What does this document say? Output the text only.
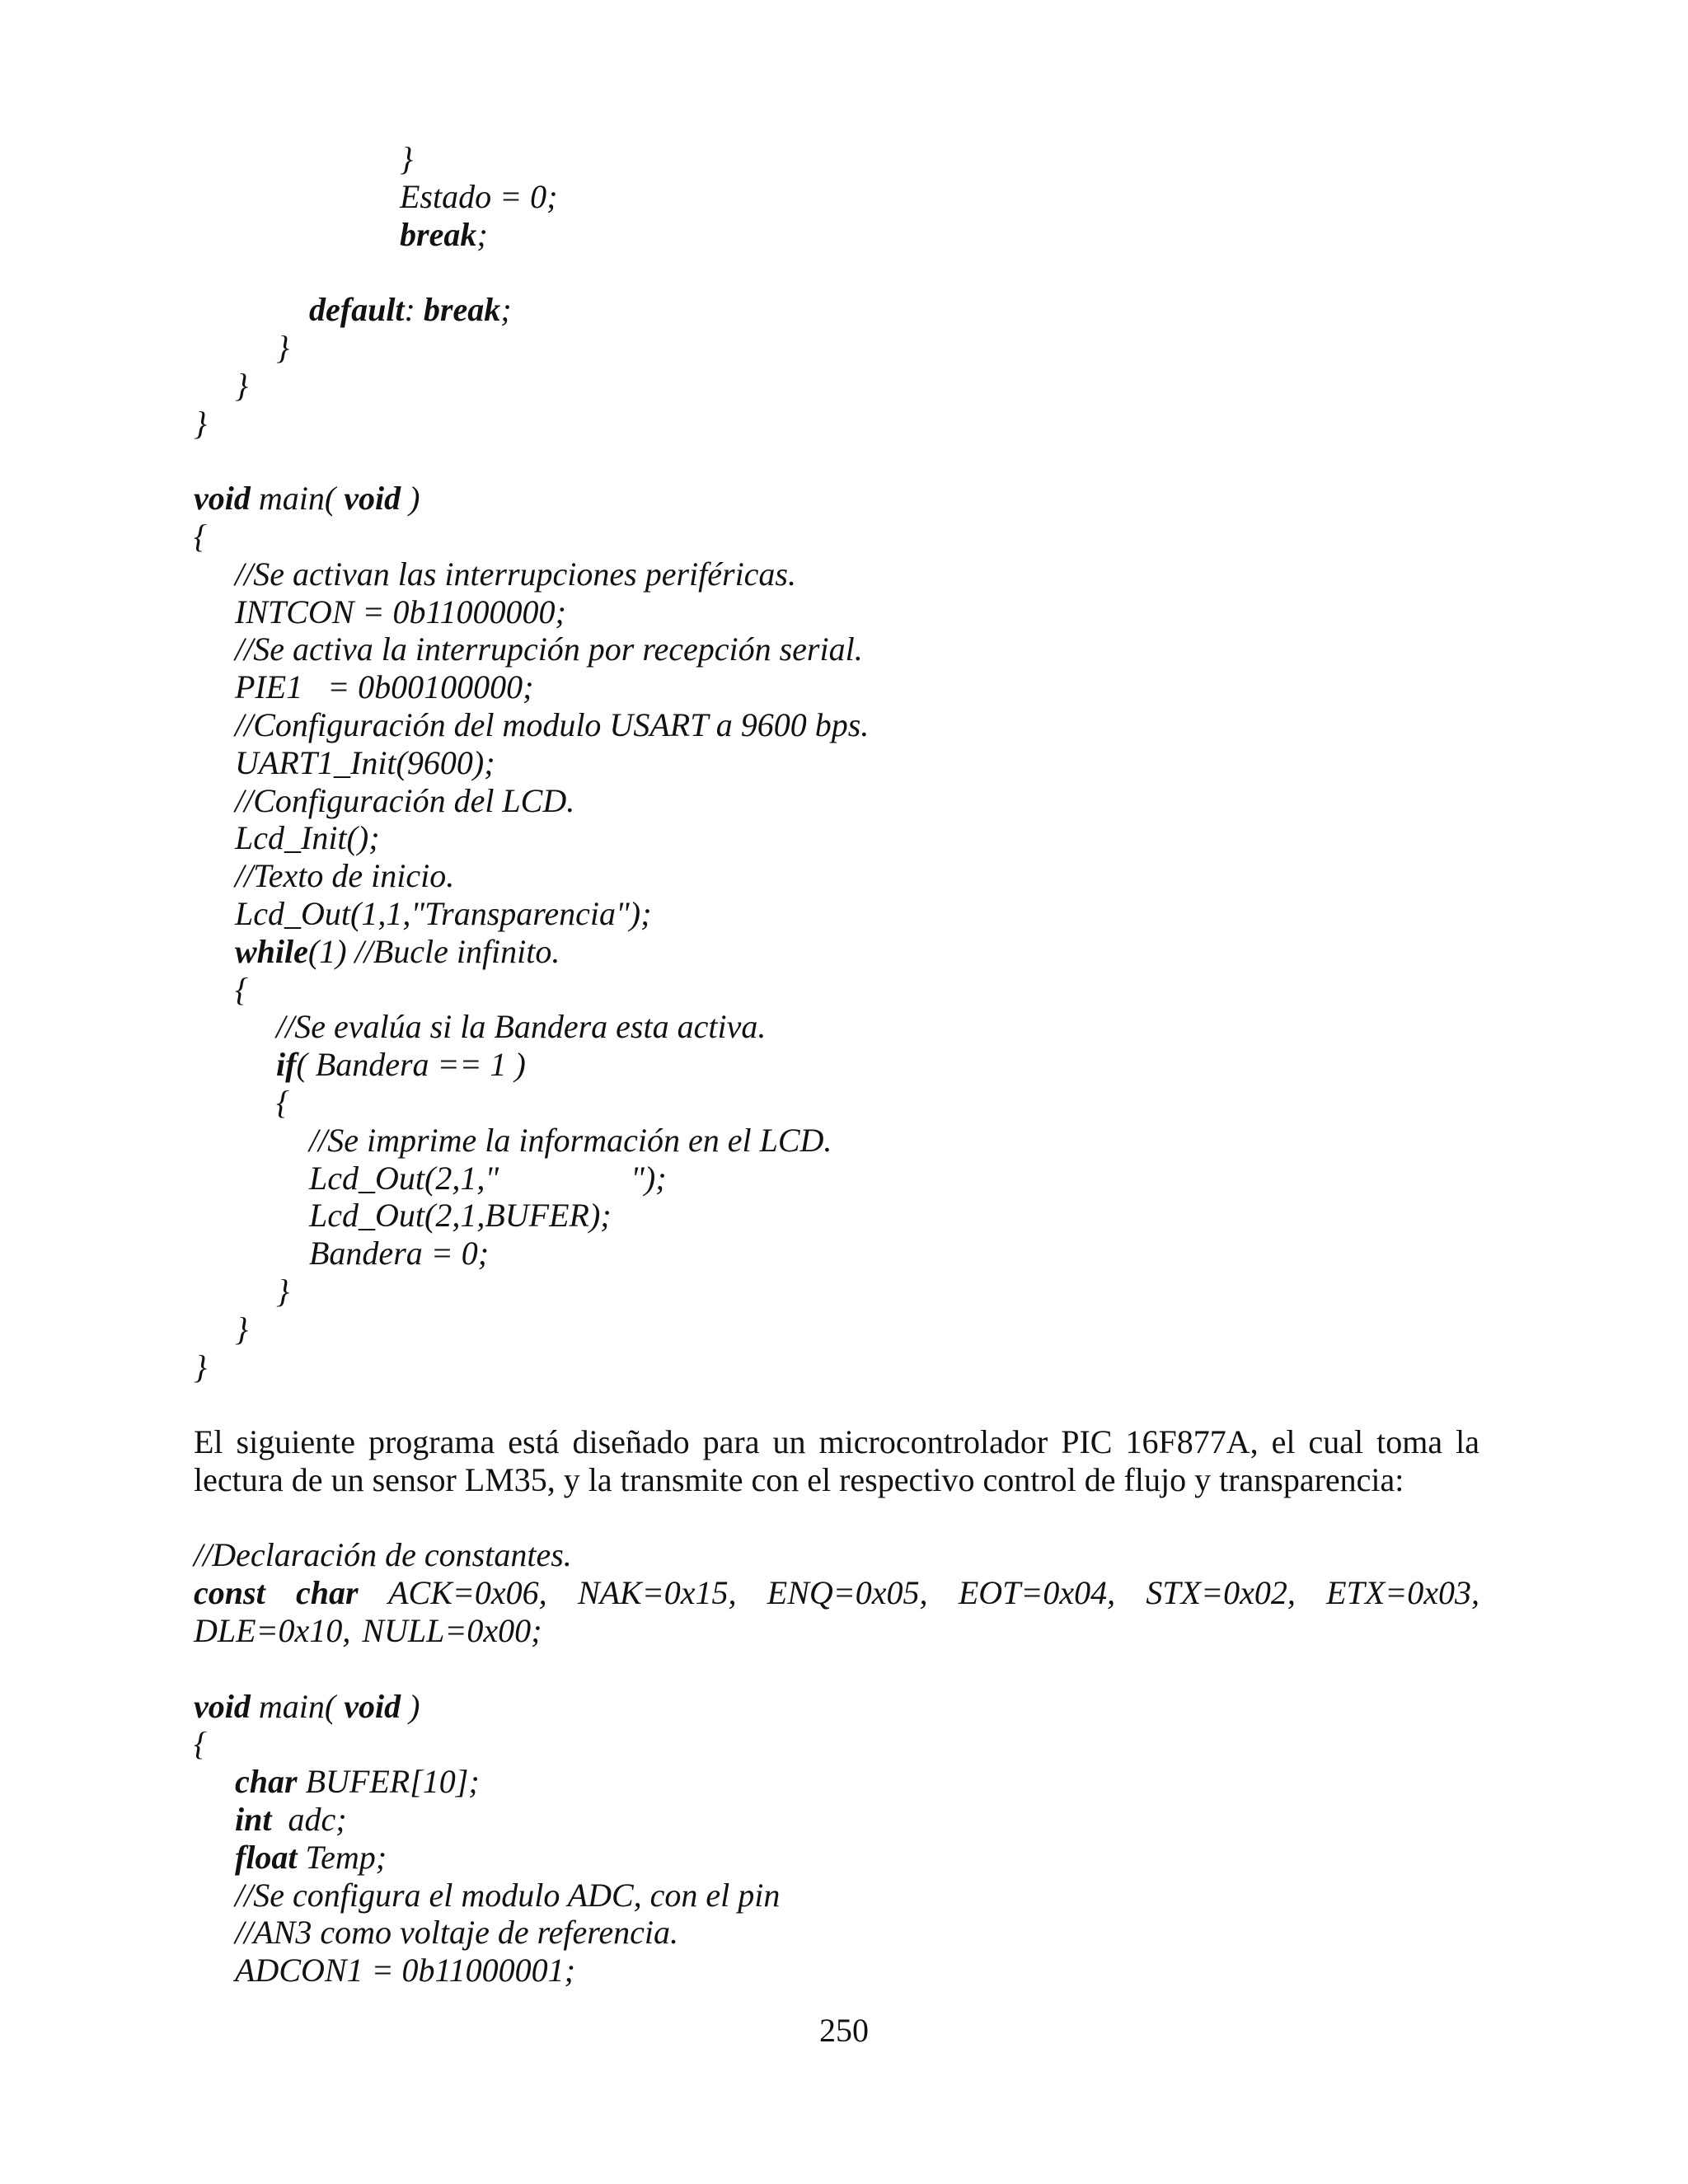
}
Estado = 0;
break;
default: break;
}
}
}
void main( void )
{
//Se activan las interrupciones periféricas.
INTCON = 0b11000000;
//Se activa la interrupción por recepción serial.
PIE1   = 0b00100000;
//Configuración del modulo USART a 9600 bps.
UART1_Init(9600);
//Configuración del LCD.
Lcd_Init();
//Texto de inicio.
Lcd_Out(1,1,"Transparencia");
while(1) //Bucle infinito.
{
//Se evalúa si la Bandera esta activa.
if( Bandera == 1 )
{
//Se imprime la información en el LCD.
Lcd_Out(2,1,"                ");
Lcd_Out(2,1,BUFER);
Bandera = 0;
}
}
}
El siguiente programa está diseñado para un microcontrolador PIC 16F877A, el cual toma la lectura de un sensor LM35, y la transmite con el respectivo control de flujo y transparencia:
//Declaración de constantes.
const char ACK=0x06, NAK=0x15, ENQ=0x05, EOT=0x04, STX=0x02, ETX=0x03, DLE=0x10, NULL=0x00;
void main( void )
{
char BUFER[10];
int  adc;
float Temp;
//Se configura el modulo ADC, con el pin
//AN3 como voltaje de referencia.
ADCON1 = 0b11000001;
250
